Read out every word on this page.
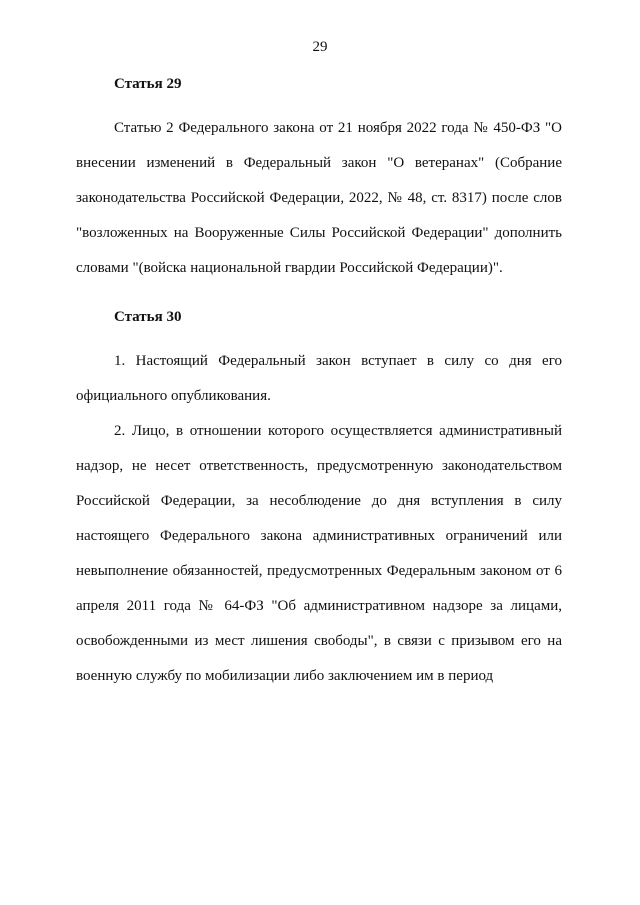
29
Статья 29

Статью 2 Федерального закона от 21 ноября 2022 года № 450-ФЗ "О внесении изменений в Федеральный закон "О ветеранах" (Собрание законодательства Российской Федерации, 2022, № 48, ст. 8317) после слов "возложенных на Вооруженные Силы Российской Федерации" дополнить словами "(войска национальной гвардии Российской Федерации)".

Статья 30

1. Настоящий Федеральный закон вступает в силу со дня его официального опубликования.

2. Лицо, в отношении которого осуществляется административный надзор, не несет ответственность, предусмотренную законодательством Российской Федерации, за несоблюдение до дня вступления в силу настоящего Федерального закона административных ограничений или невыполнение обязанностей, предусмотренных Федеральным законом от 6 апреля 2011 года № 64-ФЗ "Об административном надзоре за лицами, освобожденными из мест лишения свободы", в связи с призывом его на военную службу по мобилизации либо заключением им в период
